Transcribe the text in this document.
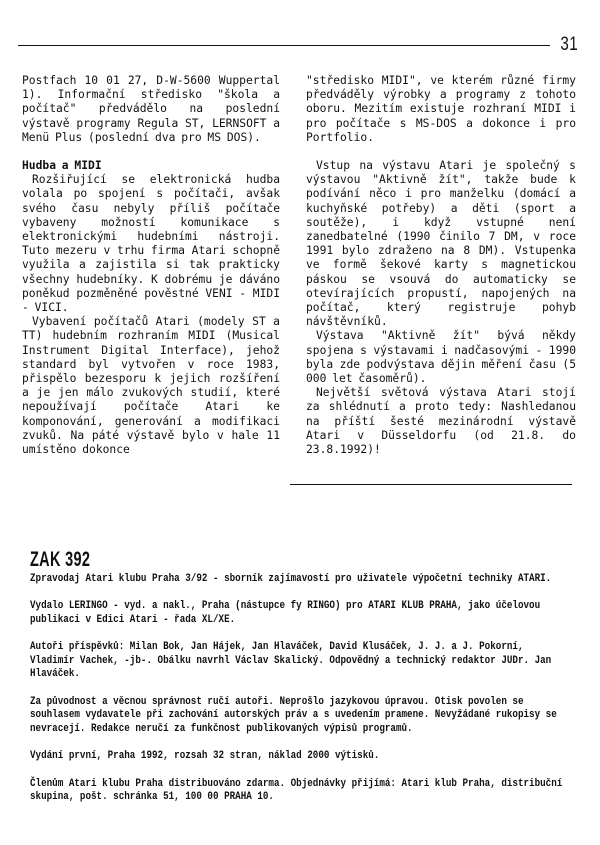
31

Postfach 10 01 27, D-W-5600 Wuppertal 1). Informační středisko "škola a počítač" předvádělo na poslední výstavě programy Regula ST, LERNSOFT a Menü Plus (poslední dva pro MS DOS).

Hudba a MIDI

Rozšiřující se elektronická hudba volala po spojení s počítači, avšak svého času nebyly příliš počítače vybaveny možností komunikace s elektronickými hudebními nástroji. Tuto mezeru v trhu firma Atari schopně využila a zajistila si tak prakticky všechny hudebníky. K dobrému je dáváno poněkud pozměněné pověstné VENI - MIDI - VICI.

Vybavení počítačů Atari (modely ST a TT) hudebním rozhraním MIDI (Musical Instrument Digital Interface), jehož standard byl vytvořen v roce 1983, přispělo bezesporu k jejich rozšíření a je jen málo zvukových studií, které nepoužívají počítače Atari ke komponování, generování a modifikaci zvuků. Na páté výstavě bylo v hale 11 umístěno dokonce

"středisko MIDI", ve kterém různé firmy předváděly výrobky a programy z tohoto oboru. Mezitím existuje rozhraní MIDI i pro počítače s MS-DOS a dokonce i pro Portfolio.

Vstup na výstavu Atari je společný s výstavou "Aktivně žít", takže bude k podívání něco i pro manželku (domácí a kuchyňské potřeby) a děti (sport a soutěže), i když vstupné není zanedbatelné (1990 činilo 7 DM, v roce 1991 bylo zdraženo na 8 DM). Vstupenka ve formě šekové karty s magnetickou páskou se vsouvá do automaticky se otevírajících propustí, napojených na počítač, který registruje pohyb návštěvníků.

Výstava "Aktivně žít" bývá někdy spojena s výstavami i nadčasovými - 1990 byla zde podvýstava dějin měření času (5 000 let časoměrů).

Největší světová výstava Atari stojí za shlédnutí a proto tedy: Nashledanou na příští šesté mezinárodní výstavě Atari v Düsseldorfu (od 21.8. do 23.8.1992)!

ZAK 392

Zpravodaj Atari klubu Praha 3/92 - sborník zajímavostí pro uživatele výpočetní techniky ATARI.

Vydalo LERINGO - vyd. a nakl., Praha (nástupce fy RINGO) pro ATARI KLUB PRAHA, jako účelovou publikaci v Edici Atari - řada XL/XE.

Autoři příspěvků: Milan Bok, Jan Hájek, Jan Hlaváček, David Klusáček, J. J. a J. Pokorní, Vladimír Vachek, -jb-. Obálku navrhl Václav Skalický. Odpovědný a technický redaktor JUDr. Jan Hlaváček.

Za původnost a věcnou správnost ručí autoři. Neprošlo jazykovou úpravou. Otisk povolen se souhlasem vydavatele při zachování autorských práv a s uvedením pramene. Nevyžádané rukopisy se nevracejí. Redakce neručí za funkčnost publikovaných výpisů programů.

Vydání první, Praha 1992, rozsah 32 stran, náklad 2000 výtisků.

Členům Atari klubu Praha distribuováno zdarma. Objednávky přijímá: Atari klub Praha, distribuční skupina, pošt. schránka 51, 100 00 PRAHA 10.
